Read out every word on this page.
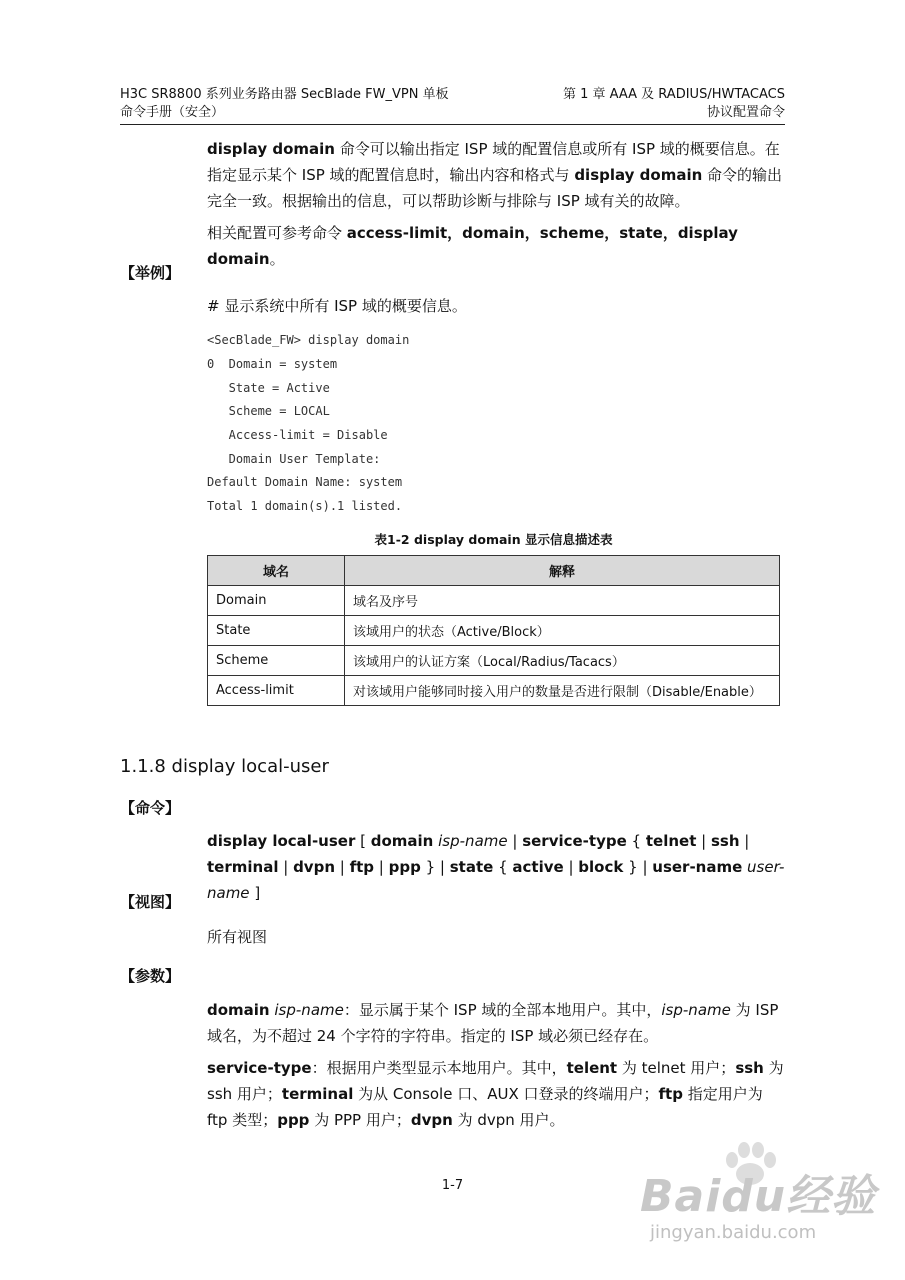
H3C SR8800 系列业务路由器 SecBlade FW_VPN 单板
命令手册（安全）
第 1 章 AAA 及 RADIUS/HWTACACS
协议配置命令
display domain 命令可以输出指定 ISP 域的配置信息或所有 ISP 域的概要信息。在指定显示某个 ISP 域的配置信息时，输出内容和格式与 display domain 命令的输出完全一致。根据输出的信息，可以帮助诊断与排除与 ISP 域有关的故障。
相关配置可参考命令 access-limit，domain，scheme，state，display domain。
【举例】
# 显示系统中所有 ISP 域的概要信息。
<SecBlade_FW> display domain
0  Domain = system
State = Active
Scheme = LOCAL
Access-limit = Disable
Domain User Template:
Default Domain Name: system
Total 1 domain(s).1 listed.
表1-2 display domain 显示信息描述表
域名	解释
Domain	域名及序号
State	该域用户的状态（Active/Block）
Scheme	该域用户的认证方案（Local/Radius/Tacacs）
Access-limit	对该域用户能够同时接入用户的数量是否进行限制（Disable/Enable）
1.1.8 display local-user
【命令】
display local-user [ domain isp-name | service-type { telnet | ssh | terminal | dvpn | ftp | ppp } | state { active | block } | user-name user-name ]
【视图】
所有视图
【参数】
domain isp-name：显示属于某个 ISP 域的全部本地用户。其中，isp-name 为 ISP 域名，为不超过 24 个字符的字符串。指定的 ISP 域必须已经存在。
service-type：根据用户类型显示本地用户。其中，telent 为 telnet 用户；ssh 为 ssh 用户；terminal 为从 Console 口、AUX 口登录的终端用户；ftp 指定用户为 ftp 类型；ppp 为 PPP 用户；dvpn 为 dvpn 用户。
1-7	Baidu经验
jingyan.baidu.com
